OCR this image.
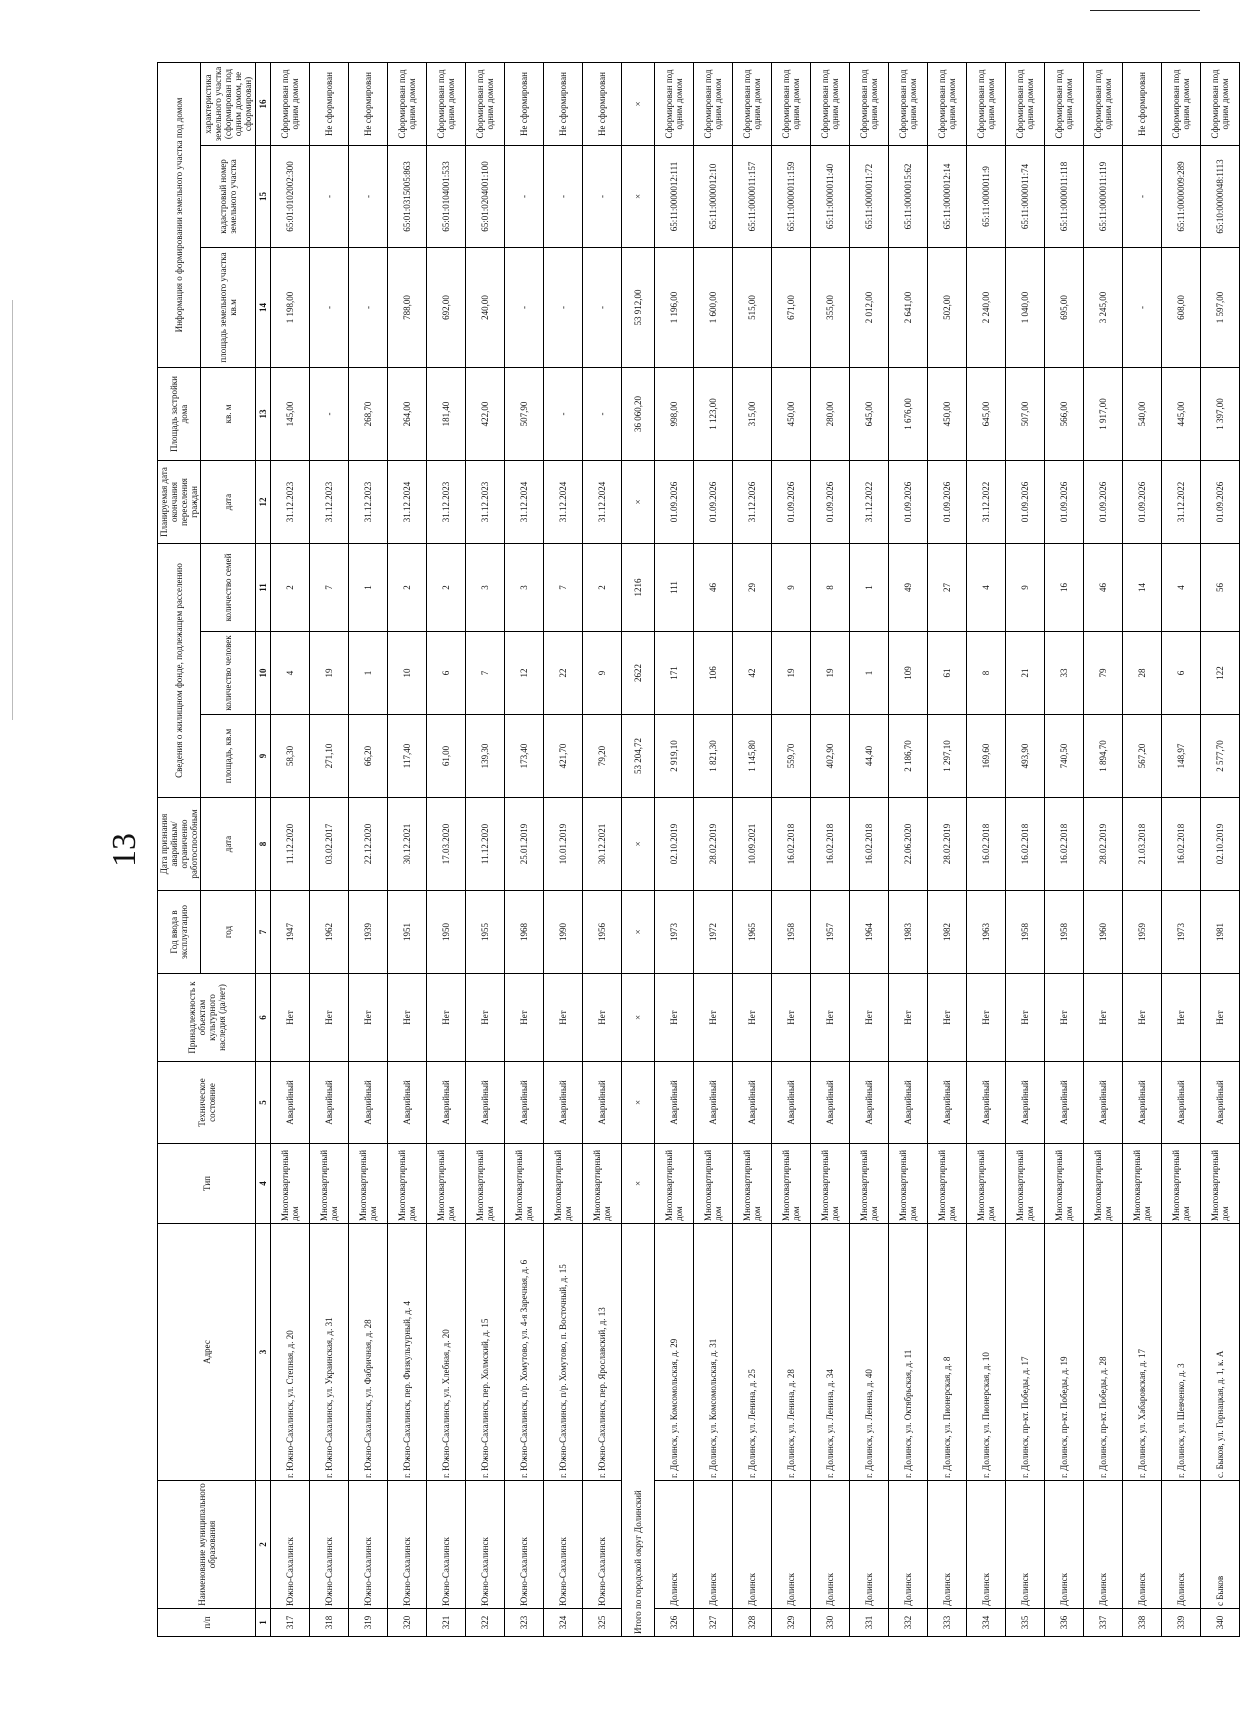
13
п/п	Наименование муниципального образования	Адрес	Тип	Техническое состояние	Принадлежность к объектам культурного наследия (да/нет)	Год ввода в эксплуатацию	Дата признания аварийным/ограниченно работоспособным	Сведения о жилищном фонде, подлежащем расселению			Планируемая дата окончания переселения граждан	Площадь застройки дома	Информация о формировании земельного участка под домом		
						год	дата	площадь, кв.м	количество человек	количество семей	дата	кв. м	площадь земельного участка
кв.м	кадастровый номер земельного участка	характеристика земельного участка (сформирован под одним домом, не сформирован)
1	2	3	4	5	6	7	8	9	10	11	12	13	14	15	16
317	Южно-Сахалинск	г. Южно-Сахалинск, ул. Степная, д. 20	Многоквартирный дом	Аварийный	Нет	1947	11.12.2020	58,30	4	2	31.12.2023	145,00	1 198,00	65:01:0102002:300	Сформирован под одним домом
318	Южно-Сахалинск	г. Южно-Сахалинск, ул. Украинская, д. 31	Многоквартирный дом	Аварийный	Нет	1962	03.02.2017	271,10	19	7	31.12.2023	-	-	-	Не сформирован
319	Южно-Сахалинск	г. Южно-Сахалинск, ул. Фабричная, д. 28	Многоквартирный дом	Аварийный	Нет	1939	22.12.2020	66,20	1	1	31.12.2023	268,70	-	-	Не сформирован
320	Южно-Сахалинск	г. Южно-Сахалинск, пер. Физкультурный, д. 4	Многоквартирный дом	Аварийный	Нет	1951	30.12.2021	117,40	10	2	31.12.2024	264,00	788,00	65:01:0315005:863	Сформирован под одним домом
321	Южно-Сахалинск	г. Южно-Сахалинск, ул. Хлебная, д. 20	Многоквартирный дом	Аварийный	Нет	1950	17.03.2020	61,00	6	2	31.12.2023	181,40	692,00	65:01:0104001:533	Сформирован под одним домом
322	Южно-Сахалинск	г. Южно-Сахалинск, пер. Холмский, д. 15	Многоквартирный дом	Аварийный	Нет	1955	11.12.2020	139,30	7	3	31.12.2023	422,00	240,00	65:01:0204001:100	Сформирован под одним домом
323	Южно-Сахалинск	г. Южно-Сахалинск, п/р. Хомутово, ул. 4-я Заречная, д. 6	Многоквартирный дом	Аварийный	Нет	1968	25.01.2019	173,40	12	3	31.12.2024	507,90	-	-	Не сформирован
324	Южно-Сахалинск	г. Южно-Сахалинск, п/р. Хомутово, п. Восточный, д. 15	Многоквартирный дом	Аварийный	Нет	1990	10.01.2019	421,70	22	7	31.12.2024	-	-	-	Не сформирован
325	Южно-Сахалинск	г. Южно-Сахалинск, пер. Ярославский, д. 13	Многоквартирный дом	Аварийный	Нет	1956	30.12.2021	79,20	9	2	31.12.2024	-	-	-	Не сформирован
Итого по городской округ Долинский			×	×	×	×	×	53 204,72	2622	1216	×	36 060,20	53 912,00	×	×
326	Долинск	г. Долинск, ул. Комсомольская, д. 29	Многоквартирный дом	Аварийный	Нет	1973	02.10.2019	2 919,10	171	111	01.09.2026	998,00	1 196,00	65:11:0000012:111	Сформирован под одним домом
327	Долинск	г. Долинск, ул. Комсомольская, д. 31	Многоквартирный дом	Аварийный	Нет	1972	28.02.2019	1 821,30	106	46	01.09.2026	1 123,00	1 600,00	65:11:0000012:10	Сформирован под одним домом
328	Долинск	г. Долинск, ул. Ленина, д. 25	Многоквартирный дом	Аварийный	Нет	1965	10.09.2021	1 145,80	42	29	31.12.2026	315,00	515,00	65:11:0000011:157	Сформирован под одним домом
329	Долинск	г. Долинск, ул. Ленина, д. 28	Многоквартирный дом	Аварийный	Нет	1958	16.02.2018	559,70	19	9	01.09.2026	450,00	671,00	65:11:0000011:159	Сформирован под одним домом
330	Долинск	г. Долинск, ул. Ленина, д. 34	Многоквартирный дом	Аварийный	Нет	1957	16.02.2018	402,90	19	8	01.09.2026	280,00	355,00	65:11:0000011:40	Сформирован под одним домом
331	Долинск	г. Долинск, ул. Ленина, д. 40	Многоквартирный дом	Аварийный	Нет	1964	16.02.2018	44,40	1	1	31.12.2022	645,00	2 012,00	65:11:0000011:72	Сформирован под одним домом
332	Долинск	г. Долинск, ул. Октябрьская, д. 11	Многоквартирный дом	Аварийный	Нет	1983	22.06.2020	2 186,70	109	49	01.09.2026	1 676,00	2 641,00	65:11:0000015:62	Сформирован под одним домом
333	Долинск	г. Долинск, ул. Пионерская, д. 8	Многоквартирный дом	Аварийный	Нет	1982	28.02.2019	1 297,10	61	27	01.09.2026	450,00	502,00	65:11:0000012:14	Сформирован под одним домом
334	Долинск	г. Долинск, ул. Пионерская, д. 10	Многоквартирный дом	Аварийный	Нет	1963	16.02.2018	169,60	8	4	31.12.2022	645,00	2 240,00	65:11:0000011:9	Сформирован под одним домом
335	Долинск	г. Долинск, пр-кт. Победы, д. 17	Многоквартирный дом	Аварийный	Нет	1958	16.02.2018	493,90	21	9	01.09.2026	507,00	1 040,00	65:11:0000011:74	Сформирован под одним домом
336	Долинск	г. Долинск, пр-кт. Победы, д. 19	Многоквартирный дом	Аварийный	Нет	1958	16.02.2018	740,50	33	16	01.09.2026	566,00	695,00	65:11:0000011:118	Сформирован под одним домом
337	Долинск	г. Долинск, пр-кт. Победы, д. 28	Многоквартирный дом	Аварийный	Нет	1960	28.02.2019	1 894,70	79	46	01.09.2026	1 917,00	3 245,00	65:11:0000011:119	Сформирован под одним домом
338	Долинск	г. Долинск, ул. Хабаровская, д. 17	Многоквартирный дом	Аварийный	Нет	1959	21.03.2018	567,20	28	14	01.09.2026	540,00	-	-	Не сформирован
339	Долинск	г. Долинск, ул. Шевченко, д. 3	Многоквартирный дом	Аварийный	Нет	1973	16.02.2018	148,97	6	4	31.12.2022	445,00	608,00	65:11:0000009:289	Сформирован под одним домом
340	с Быков	с. Быков, ул. Горнацкая, д. 1, к. А	Многоквартирный дом	Аварийный	Нет	1981	02.10.2019	2 577,70	122	56	01.09.2026	1 397,00	1 597,00	65:10:0000048:1113	Сформирован под одним домом
